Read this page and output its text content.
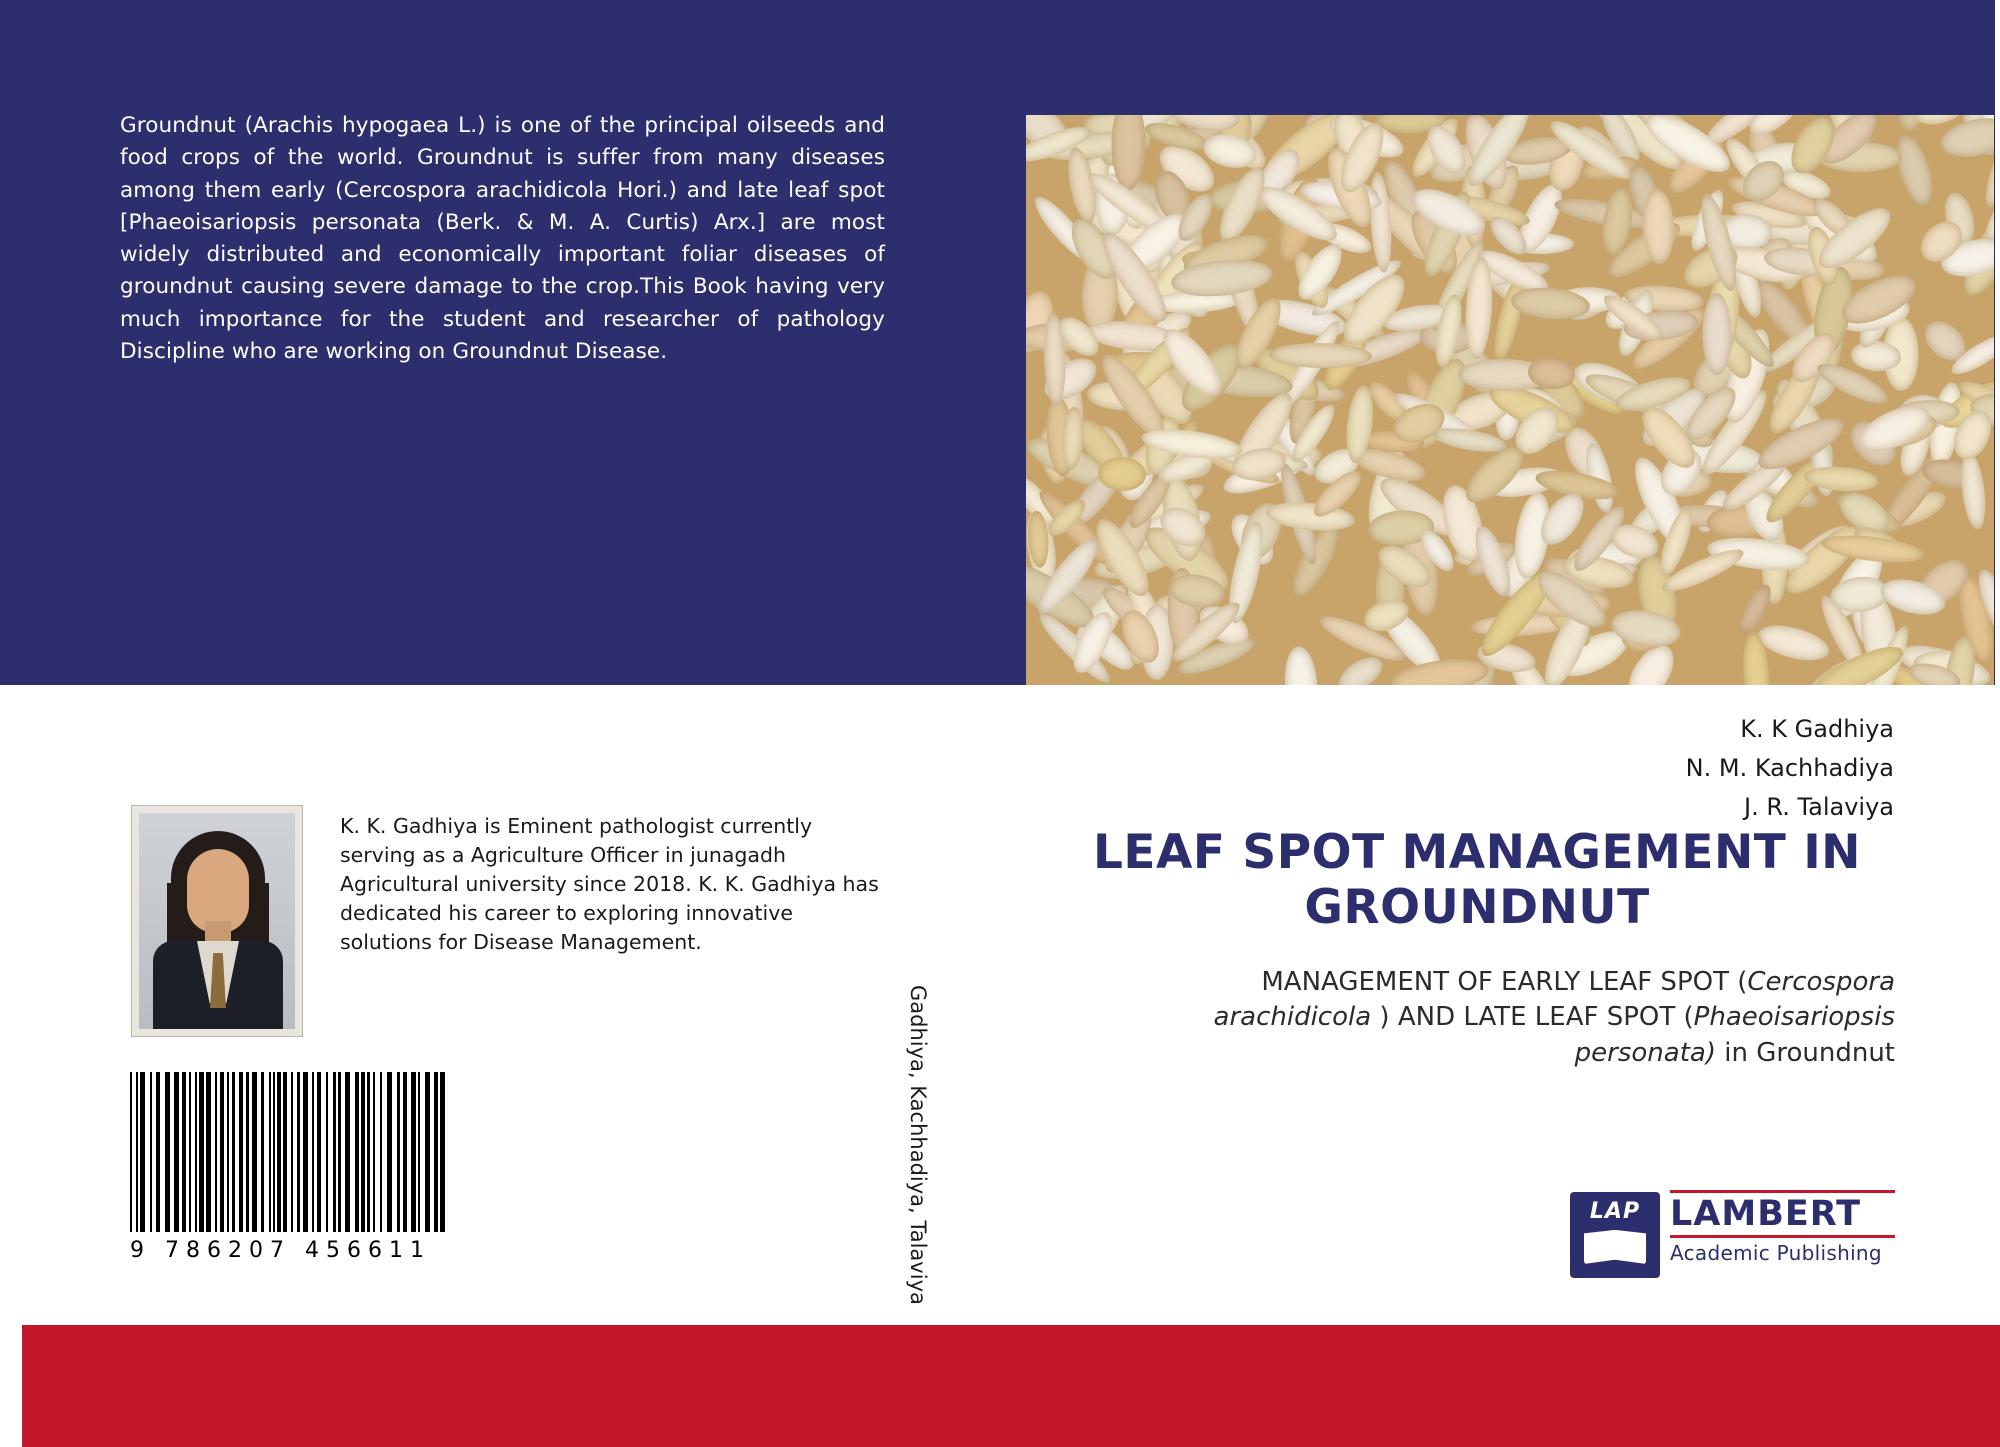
Groundnut (Arachis hypogaea L.) is one of the principal oilseeds and food crops of the world. Groundnut is suffer from many diseases among them early (Cercospora arachidicola Hori.) and late leaf spot [Phaeoisariopsis personata (Berk. & M. A. Curtis) Arx.] are most widely distributed and economically important foliar diseases of groundnut causing severe damage to the crop.This Book having very much importance for the student and researcher of pathology Discipline who are working on Groundnut Disease.
K. K. Gadhiya is Eminent pathologist currently serving as a Agriculture Officer in junagadh Agricultural university since 2018. K. K. Gadhiya has dedicated his career to exploring innovative solutions for Disease Management.
9 786207 456611	Gadhiya, Kachhadiya, Talaviya
K. K Gadhiya
N. M. Kachhadiya
J. R. Talaviya
LEAF SPOT MANAGEMENT IN GROUNDNUT
MANAGEMENT OF EARLY LEAF SPOT (Cercospora arachidicola ) AND LATE LEAF SPOT (Phaeoisariopsis personata) in Groundnut
LAP LAMBERT
Academic Publishing
